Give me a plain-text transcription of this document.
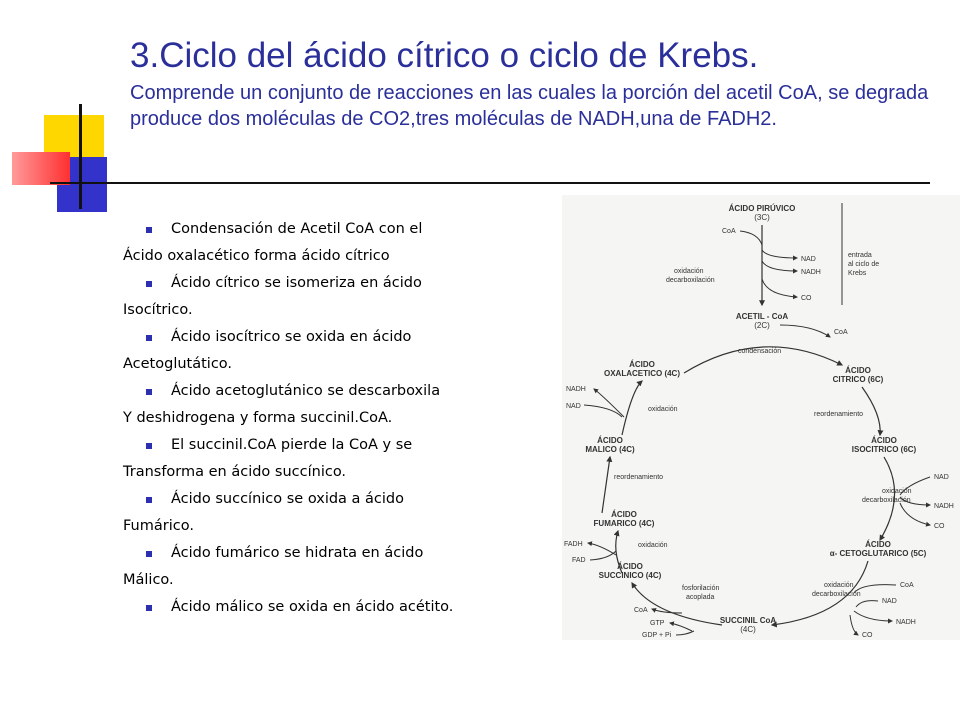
3.Ciclo del ácido cítrico o ciclo de Krebs.
Comprende un conjunto de reacciones en las cuales la porción del acetil CoA, se degrada produce dos moléculas de CO2,tres moléculas de NADH,una de FADH2.
Condensación de Acetil CoA con el
Ácido oxalacético forma ácido cítrico
Ácido cítrico se isomeriza en ácido
Isocítrico.
Ácido isocítrico se oxida en ácido
Acetoglutático.
Ácido acetoglutánico se descarboxila
Y deshidrogena y forma succinil.CoA.
El succinil.CoA pierde la CoA y se
Transforma en ácido succínico.
Ácido succínico se oxida a ácido
Fumárico.
Ácido fumárico se hidrata en ácido
Málico.
Ácido málico se oxida en ácido acétito.
ÁCIDO PIRÚVICO
(3C)
CoA
NAD
oxidación
decarboxilación
NADH
CO
entrada
al ciclo de
Krebs
ACETIL - CoA
(2C)
CoA
condensación
ÁCIDO
OXALACETICO (4C)	ÁCIDO
CITRICO (6C)
NADH
NAD	oxidación
reordenamiento
ÁCIDO
MALICO (4C)
ÁCIDO
ISOCITRICO (6C)
NAD
oxidación
decarboxilación
NADH
CO
reordenamiento
ÁCIDO
FUMARICO (4C)
FADH
FAD
oxidación	ÁCIDO
α- CETOGLUTARICO (5C)
ÁCIDO
SUCCINICO (4C)
CoA
oxidación
decarboxilación
NAD
NADH
CO
SUCCINIL CoA
(4C)
fosforilación
acoplada
CoA
GTP
GDP + Pi
